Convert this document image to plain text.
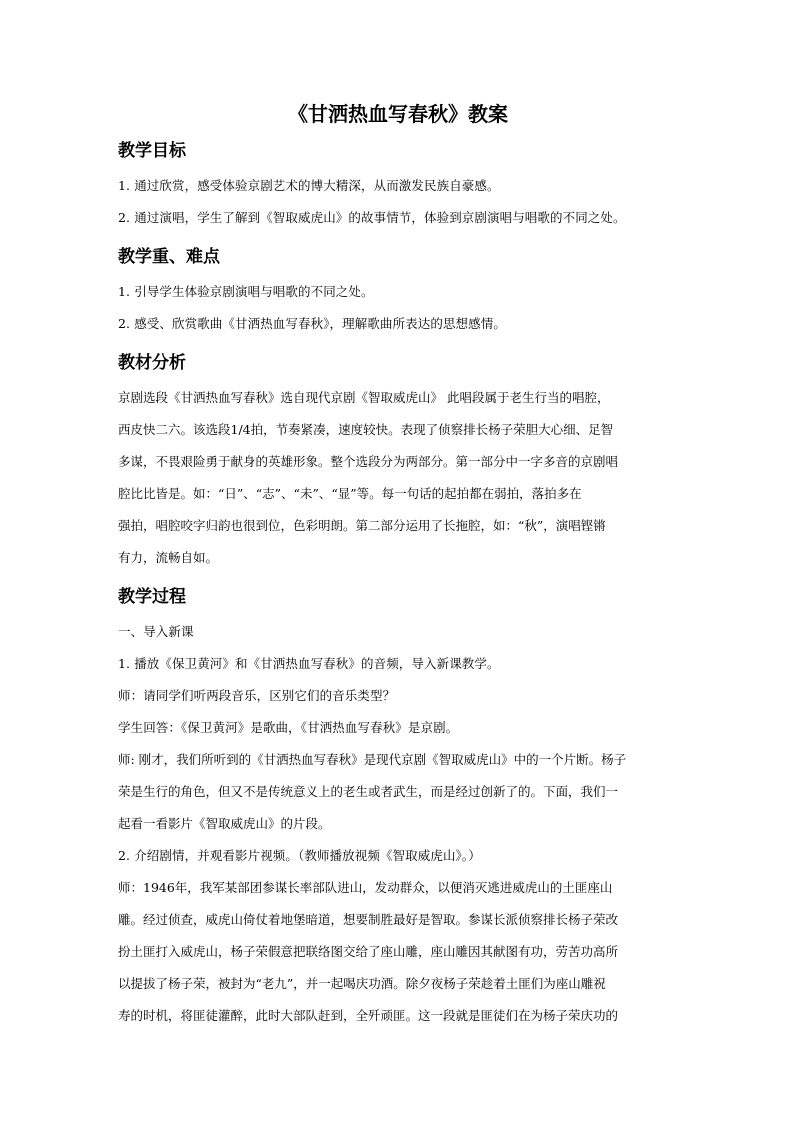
《甘洒热血写春秋》教案
教学目标

1. 通过欣赏，感受体验京剧艺术的博大精深，从而激发民族自豪感。

2. 通过演唱，学生了解到《智取威虎山》的故事情节，体验到京剧演唱与唱歌的不同之处。

教学重、难点

1. 引导学生体验京剧演唱与唱歌的不同之处。

2. 感受、欣赏歌曲《甘洒热血写春秋》，理解歌曲所表达的思想感情。

教材分析
京剧选段《甘洒热血写春秋》选自现代京剧《智取威虎山》 此唱段属于老生行当的唱腔，
西皮快二六。该选段1/4拍，节奏紧凑，速度较快。表现了侦察排长杨子荣胆大心细、足智
多谋，不畏艰险勇于献身的英雄形象。整个选段分为两部分。第一部分中一字多音的京剧唱
腔比比皆是。如：“日”、“志”、“未”、“显”等。每一句话的起拍都在弱拍，落拍多在
强拍，唱腔咬字归韵也很到位，色彩明朗。第二部分运用了长拖腔，如：“秋”，演唱铿锵
有力，流畅自如。
教学过程

一、导入新课

1. 播放《保卫黄河》和《甘洒热血写春秋》的音频，导入新课教学。

师：请同学们听两段音乐，区别它们的音乐类型？

学生回答：《保卫黄河》是歌曲，《甘洒热血写春秋》是京剧。

师: 刚才，我们所听到的《甘洒热血写春秋》是现代京剧《智取威虎山》中的一个片断。杨子
荣是生行的角色，但又不是传统意义上的老生或者武生，而是经过创新了的。下面，我们一
起看一看影片《智取威虎山》的片段。

2. 介绍剧情，并观看影片视频。（教师播放视频《智取威虎山》。）

师：1946年，我军某部团参谋长率部队进山，发动群众，以便消灭逃进威虎山的土匪座山
雕。经过侦查，威虎山倚仗着地堡暗道，想要制胜最好是智取。参谋长派侦察排长杨子荣改
扮土匪打入威虎山，杨子荣假意把联络图交给了座山雕，座山雕因其献图有功，劳苦功高所
以提拔了杨子荣，被封为“老九”，并一起喝庆功酒。除夕夜杨子荣趁着土匪们为座山雕祝
寿的时机，将匪徒灌醉，此时大部队赶到，全歼顽匪。这一段就是匪徒们在为杨子荣庆功的
